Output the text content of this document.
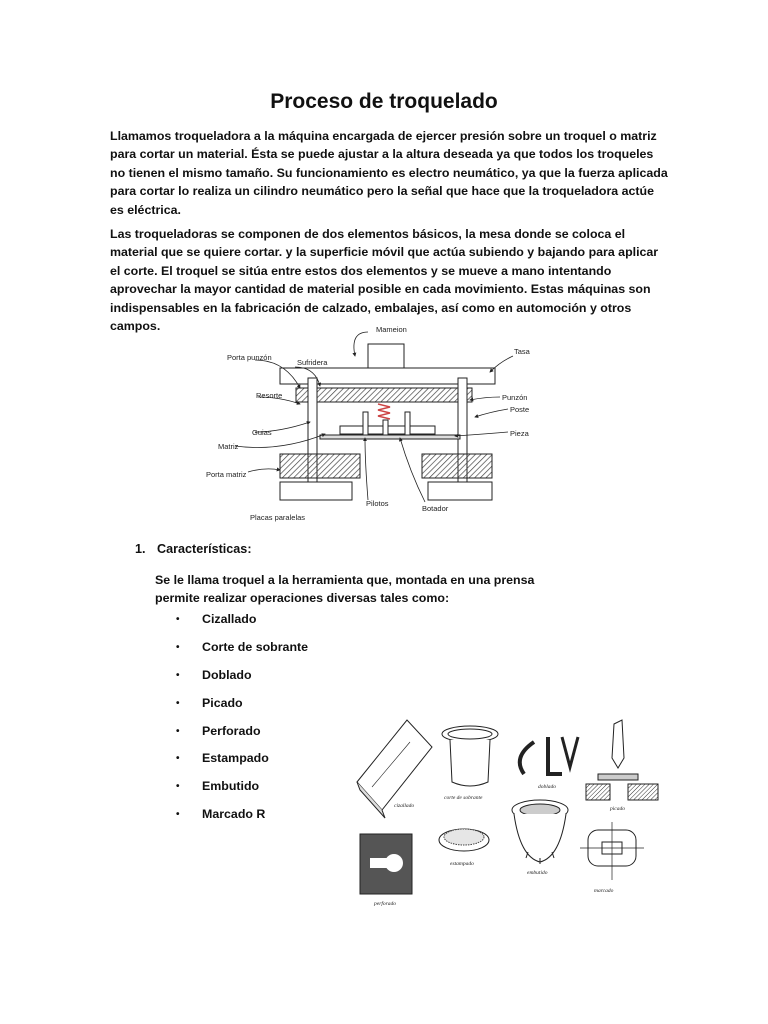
Proceso de troquelado

Llamamos troqueladora a la máquina encargada de ejercer presión sobre un troquel o matriz para cortar un material. Ésta se puede ajustar a la altura deseada ya que todos los troqueles no tienen el mismo tamaño. Su funcionamiento es electro neumático, ya que la fuerza aplicada para cortar lo realiza un cilindro neumático pero la señal que hace que la troqueladora actúe es eléctrica.

Las troqueladoras se componen de dos elementos básicos, la mesa donde se coloca el material que se quiere cortar. y la superficie móvil que actúa subiendo y bajando para aplicar el corte. El troquel se sitúa entre estos dos elementos y se mueve a mano intentando aprovechar la mayor cantidad de material posible en cada movimiento. Estas máquinas son indispensables en la fabricación de calzado, embalajes, así como en automoción y otros campos.	Mameion
Tasa
Porta punzón
Sufridera
Resorte	Punzón
Poste
Guias
Matriz
Pieza
Porta matriz
Pilotos
Botador
Placas paralelas
1. Características:

Se le llama troquel a la herramienta que, montada en una prensa permite realizar operaciones diversas tales como:

•	Cizallado
•	Corte de sobrante
•	Doblado
•	Picado
•	Perforado
•	Estampado
•	Embutido
•	Marcado R
cizallado
corte de sobrante
doblado
picado
perforado
estampado
embutido
marcado
